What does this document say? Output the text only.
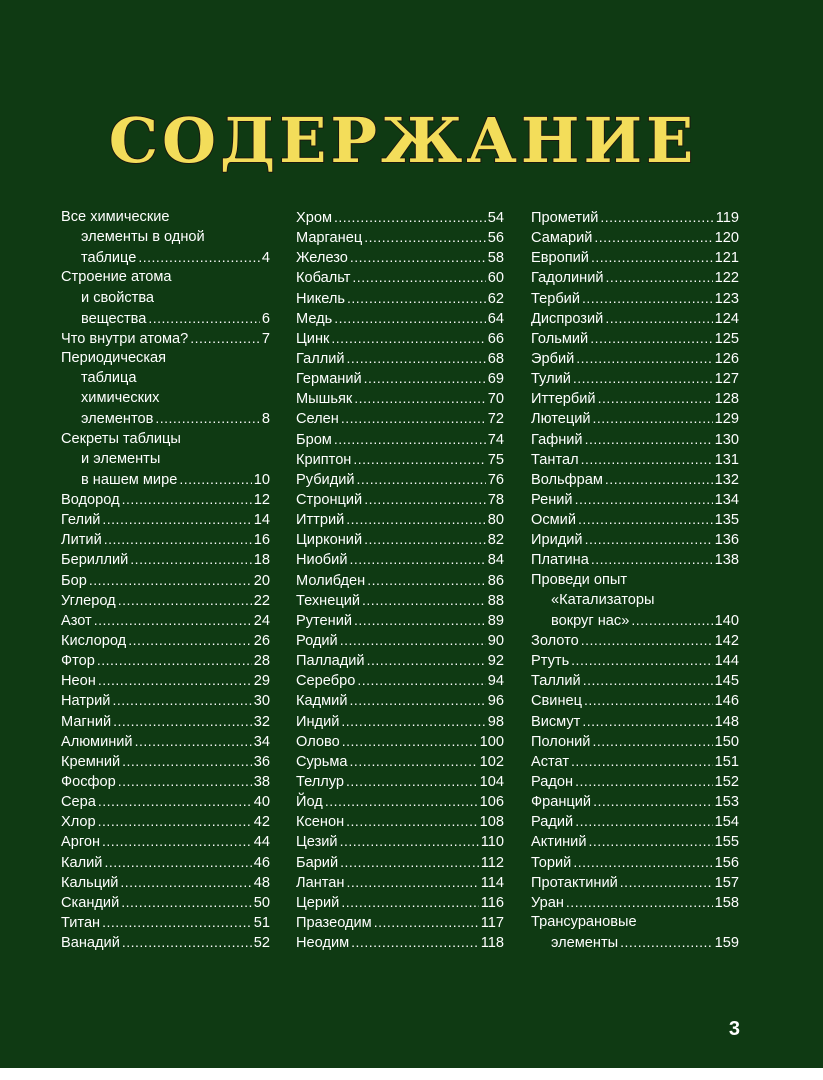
СОДЕРЖАНИЕ
Все химические
элементы в одной
таблице .....	4
Строение атома
и свойства
вещества .....	6
Что внутри атома? .....	7
Периодическая
таблица
химических
элементов .....	8
Секреты таблицы
и элементы
в нашем мире .....	10
Водород .....	12
Гелий .....	14
Литий .....	16
Бериллий .....	18
Бор .....	20
Углерод .....	22
Азот .....	24
Кислород .....	26
Фтор .....	28
Неон .....	29
Натрий .....	30
Магний .....	32
Алюминий .....	34
Кремний .....	36
Фосфор .....	38
Сера .....	40
Хлор .....	42
Аргон .....	44
Калий .....	46
Кальций .....	48
Скандий .....	50
Титан .....	51
Ванадий .....	52
Хром .....	54
Марганец .....	56
Железо .....	58
Кобальт .....	60
Никель .....	62
Медь .....	64
Цинк .....	66
Галлий .....	68
Германий .....	69
Мышьяк .....	70
Селен .....	72
Бром .....	74
Криптон .....	75
Рубидий .....	76
Стронций .....	78
Иттрий .....	80
Цирконий .....	82
Ниобий .....	84
Молибден .....	86
Технеций .....	88
Рутений .....	89
Родий .....	90
Палладий .....	92
Серебро .....	94
Кадмий .....	96
Индий .....	98
Олово .....	100
Сурьма .....	102
Теллур .....	104
Йод .....	106
Ксенон .....	108
Цезий .....	110
Барий .....	112
Лантан .....	114
Церий .....	116
Празеодим .....	117
Неодим .....	118
Прометий .....	119
Самарий .....	120
Европий .....	121
Гадолиний .....	122
Тербий .....	123
Диспрозий .....	124
Гольмий .....	125
Эрбий .....	126
Тулий .....	127
Иттербий .....	128
Лютеций .....	129
Гафний .....	130
Тантал .....	131
Вольфрам .....	132
Рений .....	134
Осмий .....	135
Иридий .....	136
Платина .....	138
Проведи опыт
«Катализаторы
вокруг нас» .....	140
Золото .....	142
Ртуть .....	144
Таллий .....	145
Свинец .....	146
Висмут .....	148
Полоний .....	150
Астат .....	151
Радон .....	152
Франций .....	153
Радий .....	154
Актиний .....	155
Торий .....	156
Протактиний .....	157
Уран .....	158
Трансурановые
элементы .....	159
3
